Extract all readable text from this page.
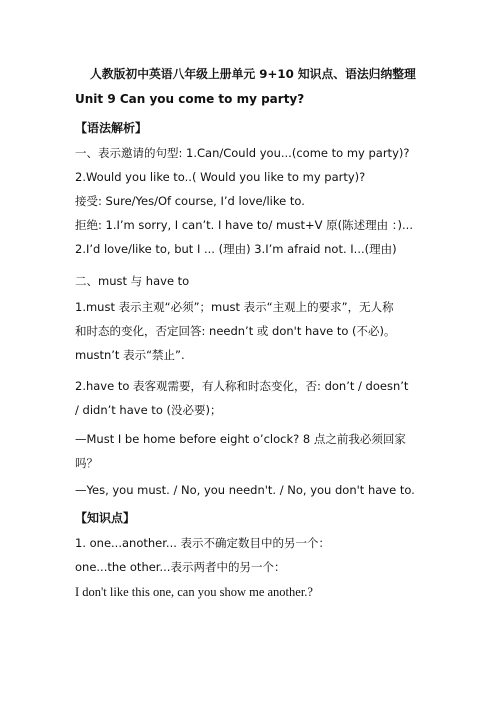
人教版初中英语八年级上册单元 9+10 知识点、语法归纳整理
Unit 9 Can you come to my party?
【语法解析】
一、表示邀请的句型: 1.Can/Could you...(come to my party)?
2.Would you like to..( Would you like to my party)?
接受: Sure/Yes/Of course, I’d love/like to.
拒绝: 1.I’m sorry, I can’t. I have to/ must+V 原(陈述理由 ：)...
2.I’d love/like to, but I ... (理由) 3.I’m afraid not. I...(理由)
二、must 与 have to
1.must 表示主观“必须”；must 表示“主观上的要求”，无人称
和时态的变化，否定回答: needn’t 或 don't have to (不必)。
mustn’t 表示“禁止”.
2.have to 表客观需要，有人称和时态变化，否: don’t / doesn’t
/ didn’t have to (没必要)；
—Must I be home before eight o’clock? 8 点之前我必须回家
吗？
—Yes, you must. / No, you needn't. / No, you don't have to.
【知识点】
1. one...another... 表示不确定数目中的另一个：
one...the other...表示两者中的另一个：
I don't like this one, can you show me another.?
